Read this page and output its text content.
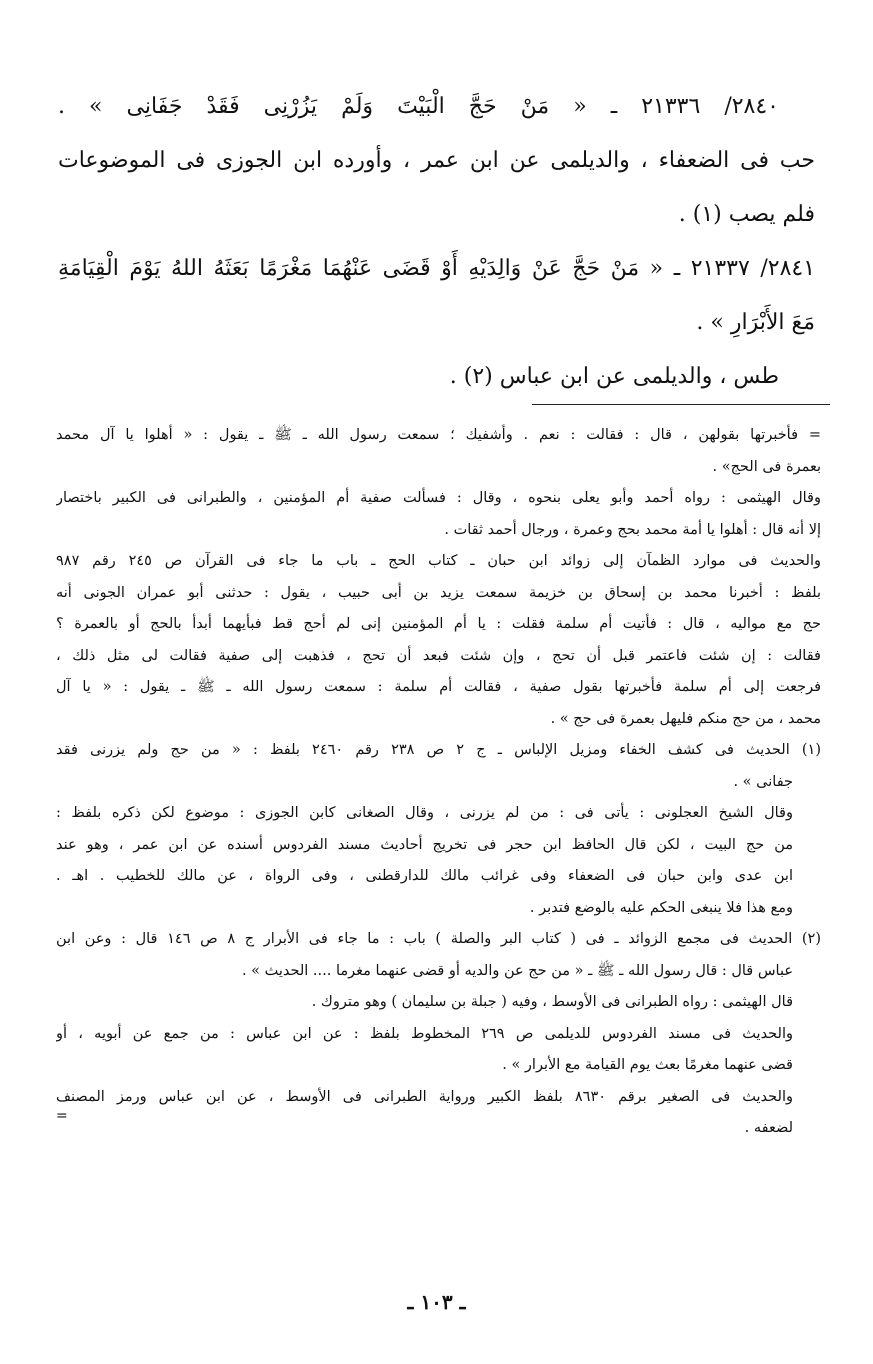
٢٨٤٠/ ٢١٣٣٦ ـ « مَنْ حَجَّ الْبَيْتَ وَلَمْ يَزُرْنِى فَقَدْ جَفَانِى » .
حب فى الضعفاء ، والديلمى عن ابن عمر ، وأورده ابن الجوزى فى الموضوعات
فلم يصب (١) .
٢٨٤١/ ٢١٣٣٧ ـ « مَنْ حَجَّ عَنْ وَالِدَيْهِ أَوْ قَضَى عَنْهُمَا مَغْرَمًا بَعَثَهُ اللهُ يَوْمَ الْقِيَامَةِ
مَعَ الأَبْرَارِ » .
طس ، والديلمى عن ابن عباس (٢) .
= فأخبرتها بقولهن ، قال : فقالت : نعم . وأشفيك ؛ سمعت رسول الله ـ ﷺ ـ يقول : « أهلوا يا آل محمد
بعمرة فى الحج» .
وقال الهيثمى : رواه أحمد وأبو يعلى بنحوه ، وقال : فسألت صفية أم المؤمنين ، والطبرانى فى الكبير باختصار
إلا أنه قال : أهلوا يا أمة محمد بحج وعمرة ، ورجال أحمد ثقات .
والحديث فى موارد الظمآن إلى زوائد ابن حبان ـ كتاب الحج ـ باب ما جاء فى القرآن ص ٢٤٥ رقم ٩٨٧
بلفظ : أخبرنا محمد بن إسحاق بن خزيمة سمعت يزيد بن أبى حبيب ، يقول : حدثنى أبو عمران الجونى أنه
حج مع مواليه ، قال : فأتيت أم سلمة فقلت : يا أم المؤمنين إنى لم أحج قط فبأيهما أبدأ بالحج أو بالعمرة ؟
فقالت : إن شئت فاعتمر قبل أن تحج ، وإن شئت فبعد أن تحج ، فذهبت إلى صفية فقالت لى مثل ذلك ،
فرجعت إلى أم سلمة فأخبرتها بقول صفية ، فقالت أم سلمة : سمعت رسول الله ـ ﷺ ـ يقول : « يا آل
محمد ، من حج منكم فليهل بعمرة فى حج » .
(١) الحديث فى كشف الخفاء ومزيل الإلباس ـ ج ٢ ص ٢٣٨ رقم ٢٤٦٠ بلفظ : « من حج ولم يزرنى فقد
جفانى » .
وقال الشيخ العجلونى : يأتى فى : من لم يزرنى ، وقال الصغانى كابن الجوزى : موضوع لكن ذكره بلفظ :
من حج البيت ، لكن قال الحافظ ابن حجر فى تخريج أحاديث مسند الفردوس أسنده عن ابن عمر ، وهو عند
ابن عدى وابن حبان فى الضعفاء وفى غرائب مالك للدارقطنى ، وفى الرواة ، عن مالك للخطيب . اهـ .
ومع هذا فلا ينبغى الحكم عليه بالوضع فتدبر .
(٢) الحديث فى مجمع الزوائد ـ فى ( كتاب البر والصلة ) باب : ما جاء فى الأبرار ج ٨ ص ١٤٦ قال : وعن ابن
عباس قال : قال رسول الله ـ ﷺ ـ « من حج عن والديه أو قضى عنهما مغرما .... الحديث » .
قال الهيثمى : رواه الطبرانى فى الأوسط ، وفيه ( جبلة بن سليمان ) وهو متروك .
والحديث فى مسند الفردوس للديلمى ص ٢٦٩ المخطوط بلفظ : عن ابن عباس : من جمع عن أبويه ، أو
قضى عنهما مغرمًا بعث يوم القيامة مع الأبرار » .
والحديث فى الصغير برقم ٨٦٣٠ بلفظ الكبير ورواية الطبرانى فى الأوسط ، عن ابن عباس ورمز المصنف
لضعفه .
=
ـ ١٠٣ ـ
